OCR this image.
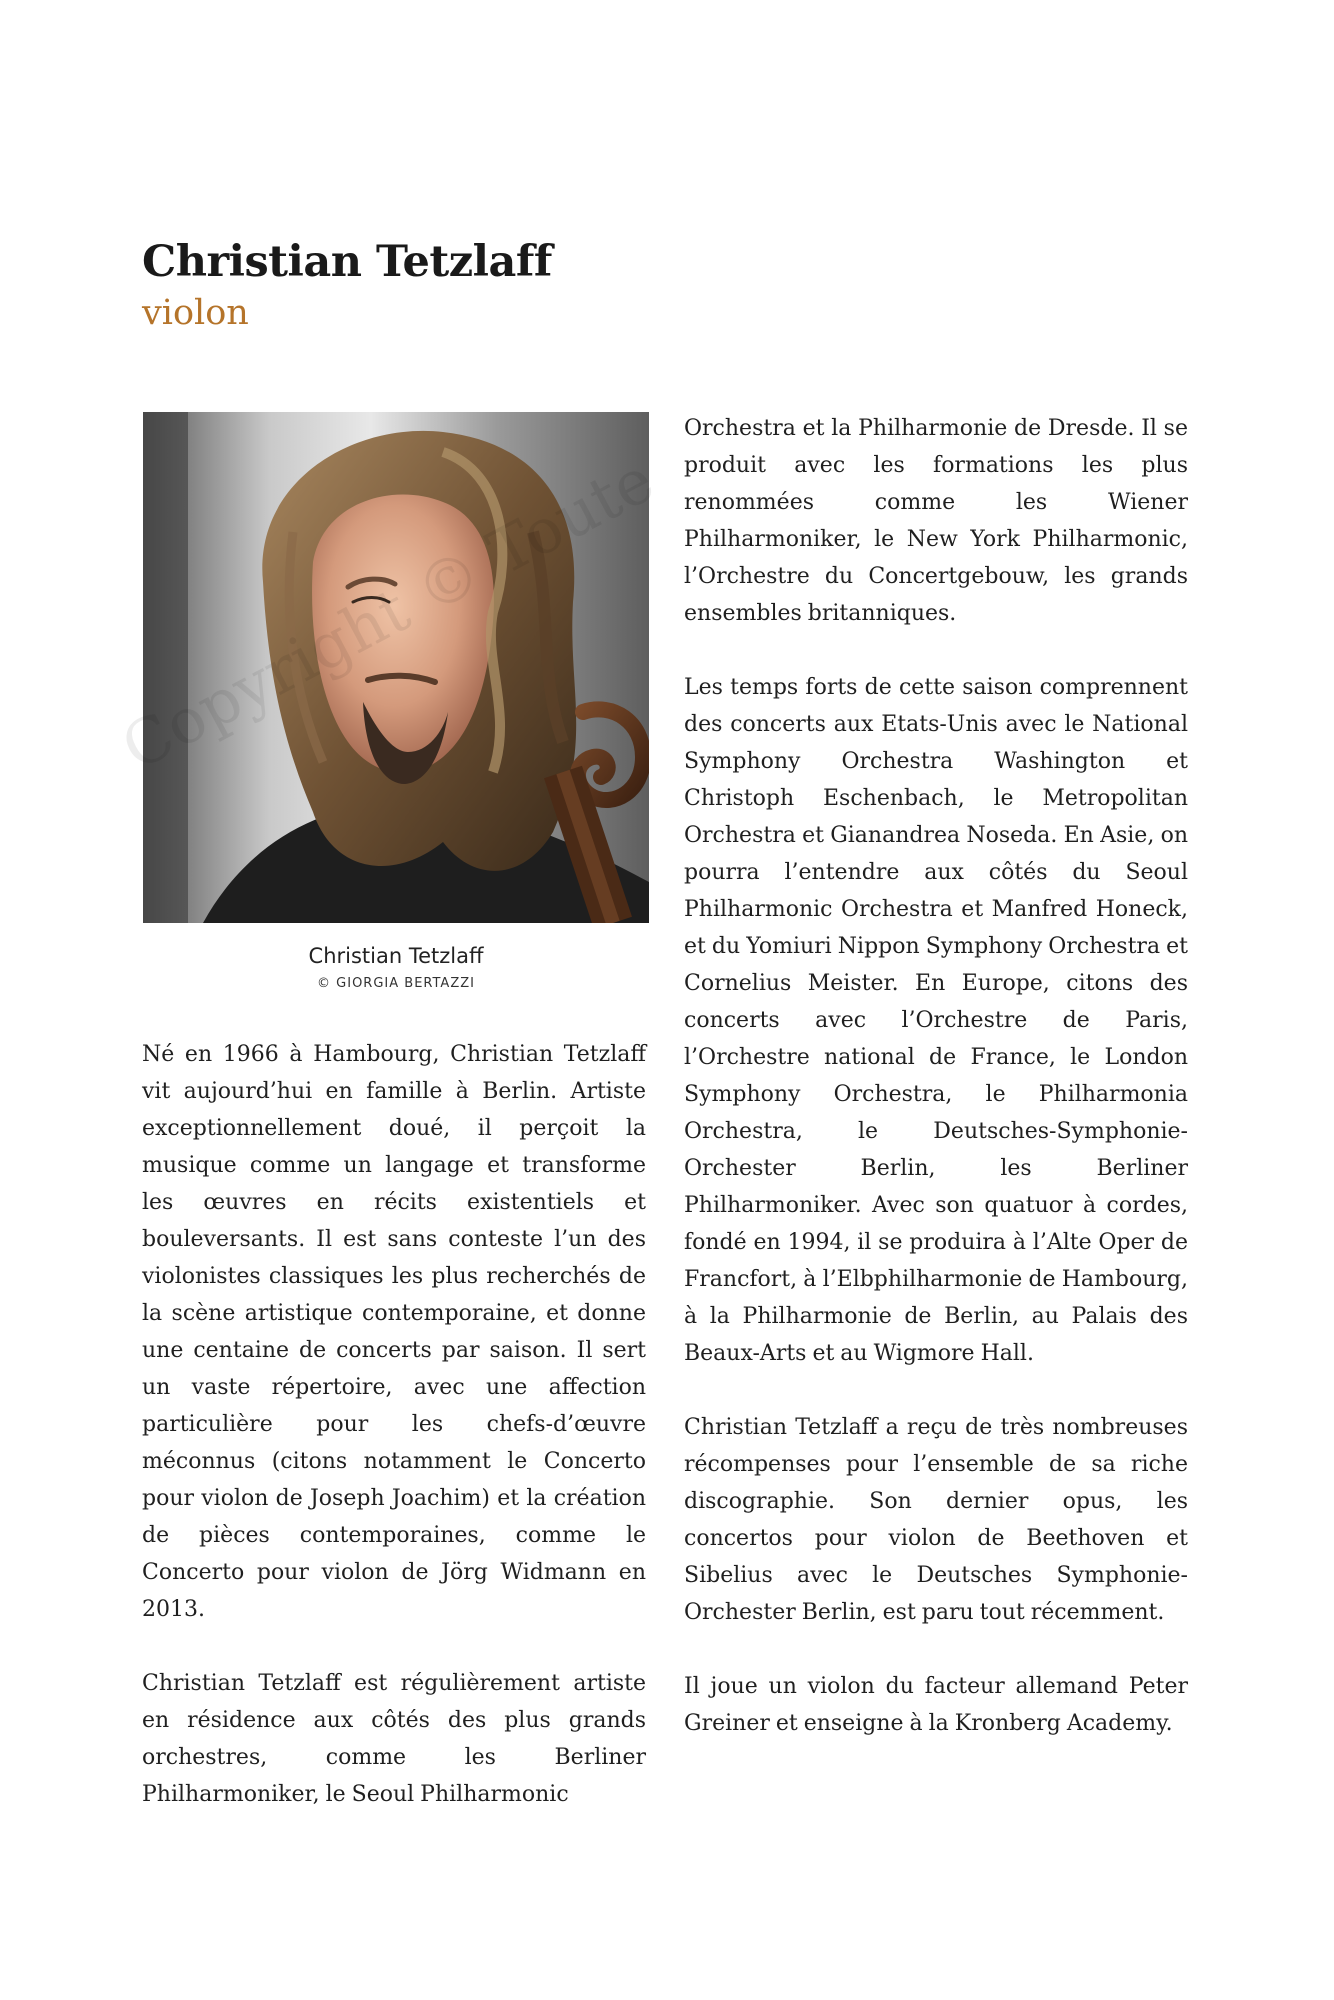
Christian Tetzlaff
violon
Christian Tetzlaff
© GIORGIA BERTAZZI

Né en 1966 à Hambourg, Christian Tetzlaff vit aujourd’hui en famille à Berlin. Artiste exceptionnellement doué, il perçoit la musique comme un langage et transforme les œuvres en récits existentiels et bouleversants. Il est sans conteste l’un des violonistes classiques les plus recherchés de la scène artistique contemporaine, et donne une centaine de concerts par saison. Il sert un vaste répertoire, avec une affection particulière pour les chefs-d’œuvre méconnus (citons notamment le Concerto pour violon de Joseph Joachim) et la création de pièces contemporaines, comme le Concerto pour violon de Jörg Widmann en 2013.

Christian Tetzlaff est régulièrement artiste en résidence aux côtés des plus grands orchestres, comme les Berliner Philharmoniker, le Seoul Philharmonic

Orchestra et la Philharmonie de Dresde. Il se produit avec les formations les plus renommées comme les Wiener Philharmoniker, le New York Philharmonic, l’Orchestre du Concertgebouw, les grands ensembles britanniques.

Les temps forts de cette saison comprennent des concerts aux Etats-Unis avec le National Symphony Orchestra Washington et Christoph Eschenbach, le Metropolitan Orchestra et Gianandrea Noseda. En Asie, on pourra l’entendre aux côtés du Seoul Philharmonic Orchestra et Manfred Honeck, et du Yomiuri Nippon Symphony Orchestra et Cornelius Meister. En Europe, citons des concerts avec l’Orchestre de Paris, l’Orchestre national de France, le London Symphony Orchestra, le Philharmonia Orchestra, le Deutsches-Symphonie-Orchester Berlin, les Berliner Philharmoniker. Avec son quatuor à cordes, fondé en 1994, il se produira à l’Alte Oper de Francfort, à l’Elbphilharmonie de Hambourg, à la Philharmonie de Berlin, au Palais des Beaux-Arts et au Wigmore Hall.

Christian Tetzlaff a reçu de très nombreuses récompenses pour l’ensemble de sa riche discographie. Son dernier opus, les concertos pour violon de Beethoven et Sibelius avec le Deutsches Symphonie-Orchester Berlin, est paru tout récemment.

Il joue un violon du facteur allemand Peter Greiner et enseigne à la Kronberg Academy.
